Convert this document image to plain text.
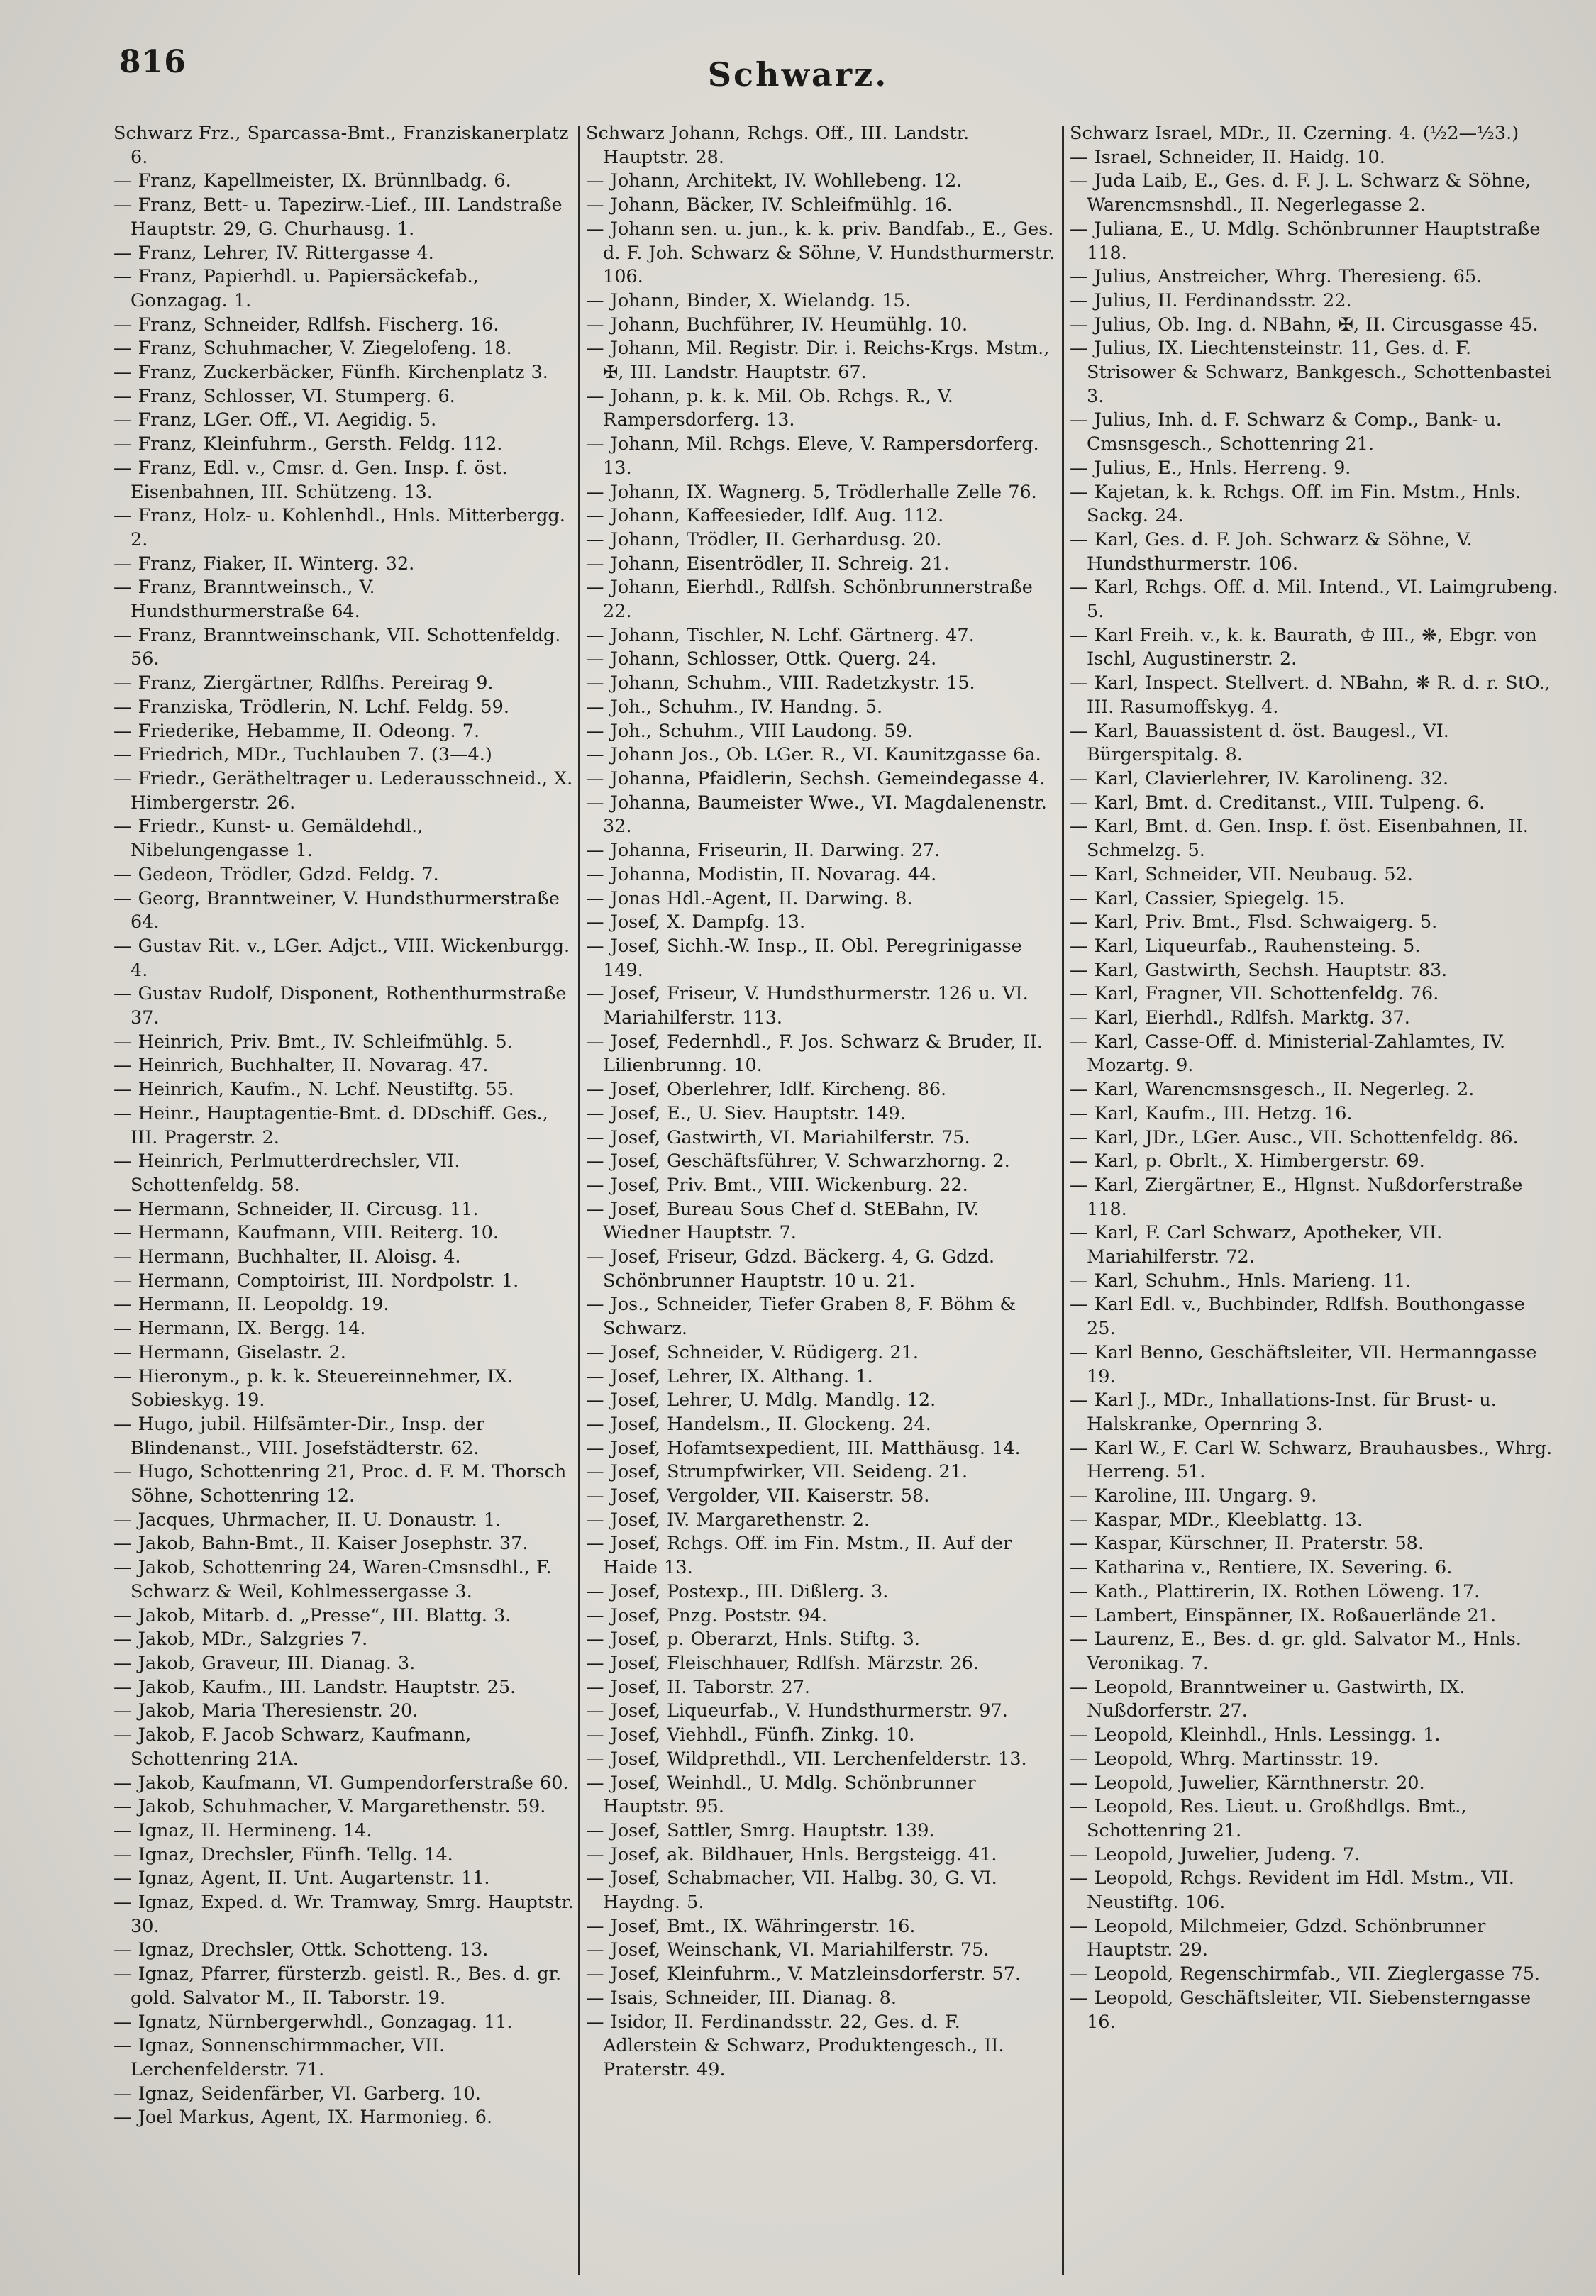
816	Schwarz.

Schwarz Frz., Sparcassa-Bmt., Franziskanerplatz 6.

— Franz, Kapellmeister, IX. Brünnlbadg. 6.

— Franz, Bett- u. Tapezirw.-Lief., III. Landstraße Hauptstr. 29, G. Churhausg. 1.

— Franz, Lehrer, IV. Rittergasse 4.

— Franz, Papierhdl. u. Papiersäckefab., Gonzagag. 1.

— Franz, Schneider, Rdlfsh. Fischerg. 16.

— Franz, Schuhmacher, V. Ziegelofeng. 18.

— Franz, Zuckerbäcker, Fünfh. Kirchenplatz 3.

— Franz, Schlosser, VI. Stumperg. 6.

— Franz, LGer. Off., VI. Aegidig. 5.

— Franz, Kleinfuhrm., Gersth. Feldg. 112.

— Franz, Edl. v., Cmsr. d. Gen. Insp. f. öst. Eisenbahnen, III. Schützeng. 13.

— Franz, Holz- u. Kohlenhdl., Hnls. Mitterbergg. 2.

— Franz, Fiaker, II. Winterg. 32.

— Franz, Branntweinsch., V. Hundsthurmerstraße 64.

— Franz, Branntweinschank, VII. Schottenfeldg. 56.

— Franz, Ziergärtner, Rdlfhs. Pereirag 9.

— Franziska, Trödlerin, N. Lchf. Feldg. 59.

— Friederike, Hebamme, II. Odeong. 7.

— Friedrich, MDr., Tuchlauben 7. (3—4.)

— Friedr., Gerätheltrager u. Lederausschneid., X. Himbergerstr. 26.

— Friedr., Kunst- u. Gemäldehdl., Nibelungengasse 1.

— Gedeon, Trödler, Gdzd. Feldg. 7.

— Georg, Branntweiner, V. Hundsthurmerstraße 64.

— Gustav Rit. v., LGer. Adjct., VIII. Wickenburgg. 4.

— Gustav Rudolf, Disponent, Rothenthurmstraße 37.

— Heinrich, Priv. Bmt., IV. Schleifmühlg. 5.

— Heinrich, Buchhalter, II. Novarag. 47.

— Heinrich, Kaufm., N. Lchf. Neustiftg. 55.

— Heinr., Hauptagentie-Bmt. d. DDschiff. Ges., III. Pragerstr. 2.

— Heinrich, Perlmutterdrechsler, VII. Schottenfeldg. 58.

— Hermann, Schneider, II. Circusg. 11.

— Hermann, Kaufmann, VIII. Reiterg. 10.

— Hermann, Buchhalter, II. Aloisg. 4.

— Hermann, Comptoirist, III. Nordpolstr. 1.

— Hermann, II. Leopoldg. 19.

— Hermann, IX. Bergg. 14.

— Hermann, Giselastr. 2.

— Hieronym., p. k. k. Steuereinnehmer, IX. Sobieskyg. 19.

— Hugo, jubil. Hilfsämter-Dir., Insp. der Blindenanst., VIII. Josefstädterstr. 62.

— Hugo, Schottenring 21, Proc. d. F. M. Thorsch Söhne, Schottenring 12.

— Jacques, Uhrmacher, II. U. Donaustr. 1.

— Jakob, Bahn-Bmt., II. Kaiser Josephstr. 37.

— Jakob, Schottenring 24, Waren-Cmsnsdhl., F. Schwarz & Weil, Kohlmessergasse 3.

— Jakob, Mitarb. d. „Presse“, III. Blattg. 3.

— Jakob, MDr., Salzgries 7.

— Jakob, Graveur, III. Dianag. 3.

— Jakob, Kaufm., III. Landstr. Hauptstr. 25.

— Jakob, Maria Theresienstr. 20.

— Jakob, F. Jacob Schwarz, Kaufmann, Schottenring 21A.

— Jakob, Kaufmann, VI. Gumpendorferstraße 60.

— Jakob, Schuhmacher, V. Margarethenstr. 59.

— Ignaz, II. Hermineng. 14.

— Ignaz, Drechsler, Fünfh. Tellg. 14.

— Ignaz, Agent, II. Unt. Augartenstr. 11.

— Ignaz, Exped. d. Wr. Tramway, Smrg. Hauptstr. 30.

— Ignaz, Drechsler, Ottk. Schotteng. 13.

— Ignaz, Pfarrer, fürsterzb. geistl. R., Bes. d. gr. gold. Salvator M., II. Taborstr. 19.

— Ignatz, Nürnbergerwhdl., Gonzagag. 11.

— Ignaz, Sonnenschirmmacher, VII. Lerchenfelderstr. 71.

— Ignaz, Seidenfärber, VI. Garberg. 10.

— Joel Markus, Agent, IX. Harmonieg. 6.

Schwarz Johann, Rchgs. Off., III. Landstr. Hauptstr. 28.

— Johann, Architekt, IV. Wohllebeng. 12.

— Johann, Bäcker, IV. Schleifmühlg. 16.

— Johann sen. u. jun., k. k. priv. Bandfab., E., Ges. d. F. Joh. Schwarz & Söhne, V. Hundsthurmerstr. 106.

— Johann, Binder, X. Wielandg. 15.

— Johann, Buchführer, IV. Heumühlg. 10.

— Johann, Mil. Registr. Dir. i. Reichs-Krgs. Mstm., ✠, III. Landstr. Hauptstr. 67.

— Johann, p. k. k. Mil. Ob. Rchgs. R., V. Rampersdorferg. 13.

— Johann, Mil. Rchgs. Eleve, V. Rampersdorferg. 13.

— Johann, IX. Wagnerg. 5, Trödlerhalle Zelle 76.

— Johann, Kaffeesieder, Idlf. Aug. 112.

— Johann, Trödler, II. Gerhardusg. 20.

— Johann, Eisentrödler, II. Schreig. 21.

— Johann, Eierhdl., Rdlfsh. Schönbrunnerstraße 22.

— Johann, Tischler, N. Lchf. Gärtnerg. 47.

— Johann, Schlosser, Ottk. Querg. 24.

— Johann, Schuhm., VIII. Radetzkystr. 15.

— Joh., Schuhm., IV. Handng. 5.

— Joh., Schuhm., VIII Laudong. 59.

— Johann Jos., Ob. LGer. R., VI. Kaunitzgasse 6a.

— Johanna, Pfaidlerin, Sechsh. Gemeindegasse 4.

— Johanna, Baumeister Wwe., VI. Magdalenenstr. 32.

— Johanna, Friseurin, II. Darwing. 27.

— Johanna, Modistin, II. Novarag. 44.

— Jonas Hdl.-Agent, II. Darwing. 8.

— Josef, X. Dampfg. 13.

— Josef, Sichh.-W. Insp., II. Obl. Peregrinigasse 149.

— Josef, Friseur, V. Hundsthurmerstr. 126 u. VI. Mariahilferstr. 113.

— Josef, Federnhdl., F. Jos. Schwarz & Bruder, II. Lilienbrunng. 10.

— Josef, Oberlehrer, Idlf. Kircheng. 86.

— Josef, E., U. Siev. Hauptstr. 149.

— Josef, Gastwirth, VI. Mariahilferstr. 75.

— Josef, Geschäftsführer, V. Schwarzhorng. 2.

— Josef, Priv. Bmt., VIII. Wickenburg. 22.

— Josef, Bureau Sous Chef d. StEBahn, IV. Wiedner Hauptstr. 7.

— Josef, Friseur, Gdzd. Bäckerg. 4, G. Gdzd. Schönbrunner Hauptstr. 10 u. 21.

— Jos., Schneider, Tiefer Graben 8, F. Böhm & Schwarz.

— Josef, Schneider, V. Rüdigerg. 21.

— Josef, Lehrer, IX. Althang. 1.

— Josef, Lehrer, U. Mdlg. Mandlg. 12.

— Josef, Handelsm., II. Glockeng. 24.

— Josef, Hofamtsexpedient, III. Matthäusg. 14.

— Josef, Strumpfwirker, VII. Seideng. 21.

— Josef, Vergolder, VII. Kaiserstr. 58.

— Josef, IV. Margarethenstr. 2.

— Josef, Rchgs. Off. im Fin. Mstm., II. Auf der Haide 13.

— Josef, Postexp., III. Dißlerg. 3.

— Josef, Pnzg. Poststr. 94.

— Josef, p. Oberarzt, Hnls. Stiftg. 3.

— Josef, Fleischhauer, Rdlfsh. Märzstr. 26.

— Josef, II. Taborstr. 27.

— Josef, Liqueurfab., V. Hundsthurmerstr. 97.

— Josef, Viehhdl., Fünfh. Zinkg. 10.

— Josef, Wildprethdl., VII. Lerchenfelderstr. 13.

— Josef, Weinhdl., U. Mdlg. Schönbrunner Hauptstr. 95.

— Josef, Sattler, Smrg. Hauptstr. 139.

— Josef, ak. Bildhauer, Hnls. Bergsteigg. 41.

— Josef, Schabmacher, VII. Halbg. 30, G. VI. Haydng. 5.

— Josef, Bmt., IX. Währingerstr. 16.

— Josef, Weinschank, VI. Mariahilferstr. 75.

— Josef, Kleinfuhrm., V. Matzleinsdorferstr. 57.

— Isais, Schneider, III. Dianag. 8.

— Isidor, II. Ferdinandsstr. 22, Ges. d. F. Adlerstein & Schwarz, Produktengesch., II. Praterstr. 49.

Schwarz Israel, MDr., II. Czerning. 4. (½2—½3.)

— Israel, Schneider, II. Haidg. 10.

— Juda Laib, E., Ges. d. F. J. L. Schwarz & Söhne, Warencmsnshdl., II. Negerlegasse 2.

— Juliana, E., U. Mdlg. Schönbrunner Hauptstraße 118.

— Julius, Anstreicher, Whrg. Theresieng. 65.

— Julius, II. Ferdinandsstr. 22.

— Julius, Ob. Ing. d. NBahn, ✠, II. Circusgasse 45.

— Julius, IX. Liechtensteinstr. 11, Ges. d. F. Strisower & Schwarz, Bankgesch., Schottenbastei 3.

— Julius, Inh. d. F. Schwarz & Comp., Bank- u. Cmsnsgesch., Schottenring 21.

— Julius, E., Hnls. Herreng. 9.

— Kajetan, k. k. Rchgs. Off. im Fin. Mstm., Hnls. Sackg. 24.

— Karl, Ges. d. F. Joh. Schwarz & Söhne, V. Hundsthurmerstr. 106.

— Karl, Rchgs. Off. d. Mil. Intend., VI. Laimgrubeng. 5.

— Karl Freih. v., k. k. Baurath, ♔ III., ❋, Ebgr. von Ischl, Augustinerstr. 2.

— Karl, Inspect. Stellvert. d. NBahn, ❋ R. d. r. StO., III. Rasumoffskyg. 4.

— Karl, Bauassistent d. öst. Baugesl., VI. Bürgerspitalg. 8.

— Karl, Clavierlehrer, IV. Karolineng. 32.

— Karl, Bmt. d. Creditanst., VIII. Tulpeng. 6.

— Karl, Bmt. d. Gen. Insp. f. öst. Eisenbahnen, II. Schmelzg. 5.

— Karl, Schneider, VII. Neubaug. 52.

— Karl, Cassier, Spiegelg. 15.

— Karl, Priv. Bmt., Flsd. Schwaigerg. 5.

— Karl, Liqueurfab., Rauhensteing. 5.

— Karl, Gastwirth, Sechsh. Hauptstr. 83.

— Karl, Fragner, VII. Schottenfeldg. 76.

— Karl, Eierhdl., Rdlfsh. Marktg. 37.

— Karl, Casse-Off. d. Ministerial-Zahlamtes, IV. Mozartg. 9.

— Karl, Warencmsnsgesch., II. Negerleg. 2.

— Karl, Kaufm., III. Hetzg. 16.

— Karl, JDr., LGer. Ausc., VII. Schottenfeldg. 86.

— Karl, p. Obrlt., X. Himbergerstr. 69.

— Karl, Ziergärtner, E., Hlgnst. Nußdorferstraße 118.

— Karl, F. Carl Schwarz, Apotheker, VII. Mariahilferstr. 72.

— Karl, Schuhm., Hnls. Marieng. 11.

— Karl Edl. v., Buchbinder, Rdlfsh. Bouthongasse 25.

— Karl Benno, Geschäftsleiter, VII. Hermanngasse 19.

— Karl J., MDr., Inhallations-Inst. für Brust- u. Halskranke, Opernring 3.

— Karl W., F. Carl W. Schwarz, Brauhausbes., Whrg. Herreng. 51.

— Karoline, III. Ungarg. 9.

— Kaspar, MDr., Kleeblattg. 13.

— Kaspar, Kürschner, II. Praterstr. 58.

— Katharina v., Rentiere, IX. Severing. 6.

— Kath., Plattirerin, IX. Rothen Löweng. 17.

— Lambert, Einspänner, IX. Roßauerlände 21.

— Laurenz, E., Bes. d. gr. gld. Salvator M., Hnls. Veronikag. 7.

— Leopold, Branntweiner u. Gastwirth, IX. Nußdorferstr. 27.

— Leopold, Kleinhdl., Hnls. Lessingg. 1.

— Leopold, Whrg. Martinsstr. 19.

— Leopold, Juwelier, Kärnthnerstr. 20.

— Leopold, Res. Lieut. u. Großhdlgs. Bmt., Schottenring 21.

— Leopold, Juwelier, Judeng. 7.

— Leopold, Rchgs. Revident im Hdl. Mstm., VII. Neustiftg. 106.

— Leopold, Milchmeier, Gdzd. Schönbrunner Hauptstr. 29.

— Leopold, Regenschirmfab., VII. Zieglergasse 75.

— Leopold, Geschäftsleiter, VII. Siebensterngasse 16.
